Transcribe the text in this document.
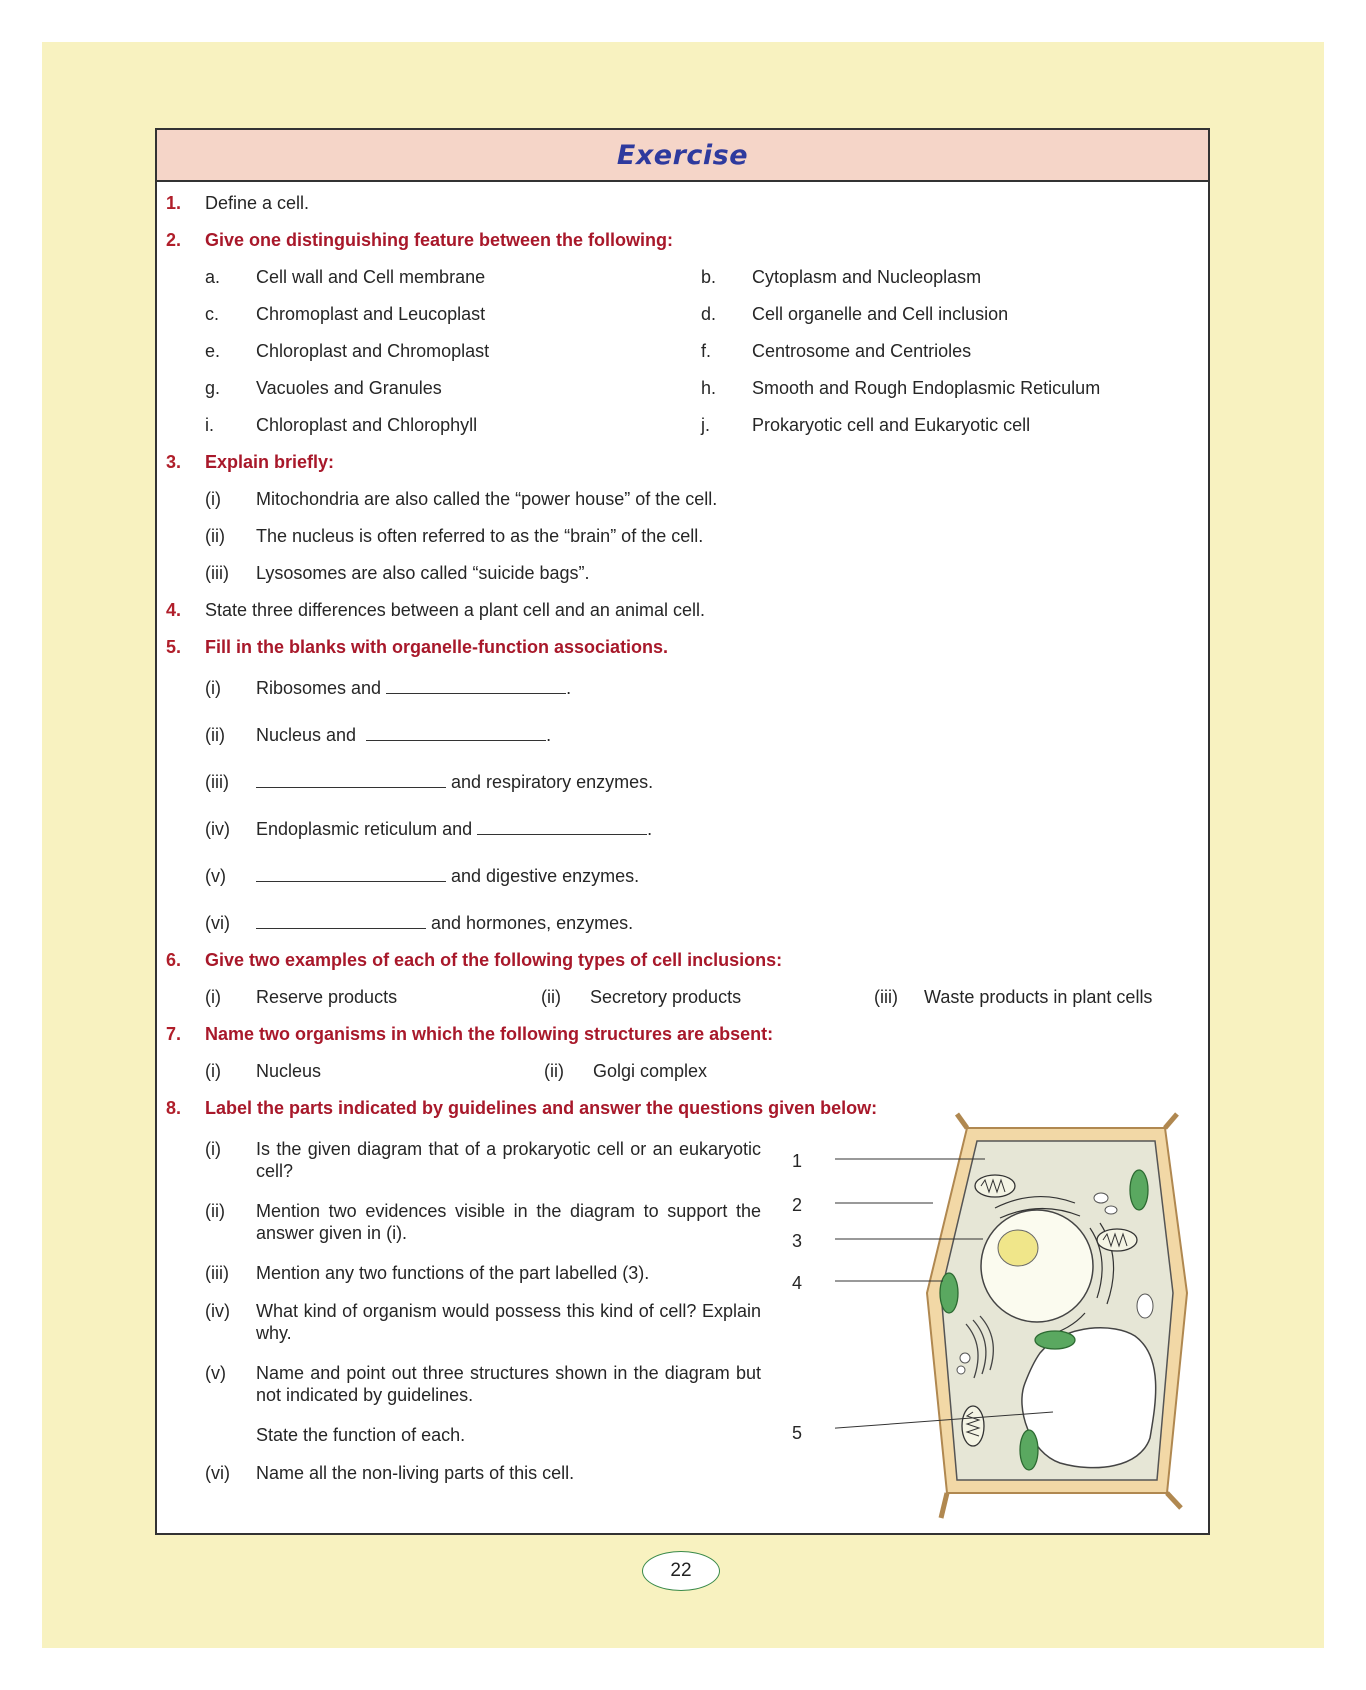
Exercise
1. Define a cell.
2. Give one distinguishing feature between the following:
a. Cell wall and Cell membrane	b. Cytoplasm and Nucleoplasm
c. Chromoplast and Leucoplast	d. Cell organelle and Cell inclusion
e. Chloroplast and Chromoplast	f. Centrosome and Centrioles
g. Vacuoles and Granules	h. Smooth and Rough Endoplasmic Reticulum
i. Chloroplast and Chlorophyll	j. Prokaryotic cell and Eukaryotic cell
3. Explain briefly:
(i) Mitochondria are also called the “power house” of the cell.
(ii) The nucleus is often referred to as the “brain” of the cell.
(iii) Lysosomes are also called “suicide bags”.
4. State three differences between a plant cell and an animal cell.
5. Fill in the blanks with organelle-function associations.
(i) Ribosomes and	.
(ii) Nucleus and	.
(iii)	and respiratory enzymes.
(iv) Endoplasmic reticulum and	.
(v)	and digestive enzymes.
(vi)	and hormones, enzymes.
6. Give two examples of each of the following types of cell inclusions:
(i) Reserve products	(ii) Secretory products	(iii) Waste products in plant cells
7. Name two organisms in which the following structures are absent:
(i) Nucleus	(ii) Golgi complex
8. Label the parts indicated by guidelines and answer the questions given below:
(i) Is the given diagram that of a prokaryotic cell or an eukaryotic cell?
(ii) Mention two evidences visible in the diagram to support the answer given in (i).
(iii) Mention any two functions of the part labelled (3).
(iv) What kind of organism would possess this kind of cell? Explain why.
(v) Name and point out three structures shown in the diagram but not indicated by guidelines.
State the function of each.
(vi) Name all the non-living parts of this cell.
1
2
3
4
5
22
